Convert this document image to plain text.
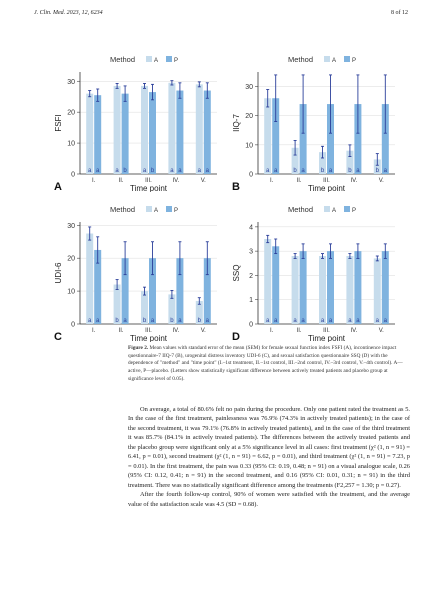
J. Clin. Med. 2023, 12, 6234	8 of 12
Method	A	P
0
10
20
30
FSFI
a a
I.
a b
II.
a b
III.
a a
IV.
a a
V.
Time point
A
Method	A	P
0
10
20
30
IIQ-7
a a
I.
b a
II.
b a
III.
b a
IV.
b a
V.
Time point
B
Method	A	P
0
10
20
30
UDI-6
a a
I.
b a
II.
b a
III.
b a
IV.
b a
V.
Time point
C
Method	A	P
0
1
2
3
4
SSQ
a a
I.
a a
II.
a a
III.
a a
IV.
a a
V.
Time point
D
Figure 2. Mean values with standard error of the mean (SEM) for female sexual function index FSFI (A), incontinence impact questionnaire-7 IIQ-7 (B), urogenital distress inventory UDI-6 (C), and sexual satisfaction questionnaire SSQ (D) with the dependence of "method" and "time point" (I.–1st treatment, II.–1st control, III.–2nd control, IV.–3rd control, V.–4th control). A—active, P—placebo. (Letters show statistically significant difference between actively treated patients and placebo group at significance level of 0.05).

On average, a total of 80.6% felt no pain during the procedure. Only one patient rated the treatment as 5. In the case of the first treatment, painlessness was 76.9% (74.3% in actively treated patients); in the case of the second treatment, it was 79.1% (76.8% in actively treated patients), and in the case of the third treatment it was 85.7% (84.1% in actively treated patients). The differences between the actively treated patients and the placebo group were significant only at a 5% significance level in all cases: first treatment (χ² (1, n = 91) = 6.41, p = 0.01), second treatment (χ² (1, n = 91) = 6.62, p = 0.01), and third treatment (χ² (1, n = 91) = 7.23, p = 0.01). In the first treatment, the pain was 0.33 (95% CI: 0.19, 0.48; n = 91) on a visual analogue scale, 0.26 (95% CI: 0.12, 0.41; n = 91) in the second treatment, and 0.16 (95% CI: 0.01, 0.31; n = 91) in the third treatment. There was no statistically significant difference among the treatments (F2,257 = 1.30; p = 0.27).

After the fourth follow-up control, 90% of women were satisfied with the treatment, and the average value of the satisfaction scale was 4.5 (SD = 0.68).
